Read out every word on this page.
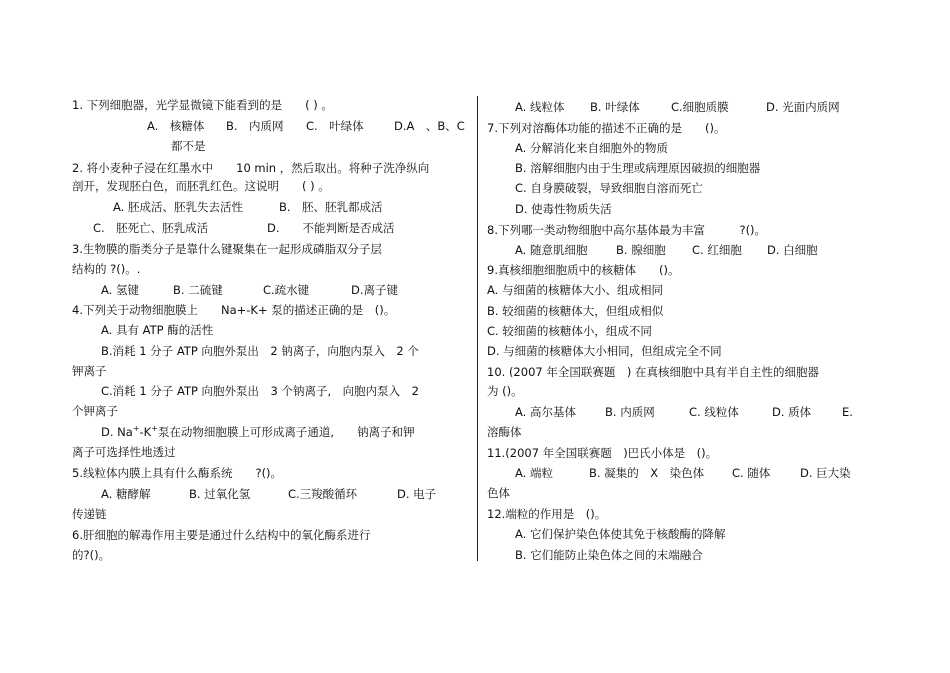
1. 下列细胞器，光学显微镜下能看到的是　　( ) 。
A.　核糖体 B.　内质网 C.　叶绿体	D.A　、B、C
都不是
2. 将小麦种子浸在红墨水中　　10 min ，然后取出。将种子洗净纵向
剖开，发现胚白色，而胚乳红色。这说明　　( ) 。
A. 胚成活、胚乳失去活性	B.　胚、胚乳都成活
C.　胚死亡、胚乳成活	D.　　不能判断是否成活
3.生物膜的脂类分子是靠什么键聚集在一起形成磷脂双分子层
结构的 ?()。.
A. 氢键	B. 二硫键	C.疏水键	D.离子键
4.下列关于动物细胞膜上　　Na+-K+ 泵的描述正确的是　()。
A. 具有 ATP 酶的活性
B.消耗 1 分子 ATP 向胞外泵出　2 钠离子，向胞内泵入　2 个
钾离子
C.消耗 1 分子 ATP 向胞外泵出　3 个钠离子,　向胞内泵入　2
个钾离子
D. Na+-K+泵在动物细胞膜上可形成离子通道,　　钠离子和钾
离子可选择性地透过
5.线粒体内膜上具有什么酶系统　　?()。
A. 糖酵解	B. 过氧化氢	C.三羧酸循环	D. 电子
传递链
6.肝细胞的解毒作用主要是通过什么结构中的氧化酶系进行
的?()。
A. 线粒体 B. 叶绿体	C.细胞质膜	D. 光面内质网
7.下列对溶酶体功能的描述不正确的是　　()。
A. 分解消化来自细胞外的物质
B. 溶解细胞内由于生理或病理原因破损的细胞器
C. 自身膜破裂，导致细胞自溶而死亡
D. 使毒性物质失活
8.下列哪一类动物细胞中高尔基体最为丰富　　　?()。
A. 随意肌细胞 B. 腺细胞 C. 红细胞 D. 白细胞
9.真核细胞细胞质中的核糖体　　()。
A. 与细菌的核糖体大小、组成相同
B. 较细菌的核糖体大，但组成相似
C. 较细菌的核糖体小，组成不同
D. 与细菌的核糖体大小相同，但组成完全不同
10. (2007 年全国联赛题　) 在真核细胞中具有半自主性的细胞器
为 ()。
A. 高尔基体	B. 内质网	C. 线粒体	D. 质体	E.
溶酶体
11.(2007 年全国联赛题　)巴氏小体是　()。
A. 端粒	B. 凝集的　X　染色体 C. 随体	D. 巨大染
色体
12.端粒的作用是　()。
A. 它们保护染色体使其免于核酸酶的降解
B. 它们能防止染色体之间的末端融合
